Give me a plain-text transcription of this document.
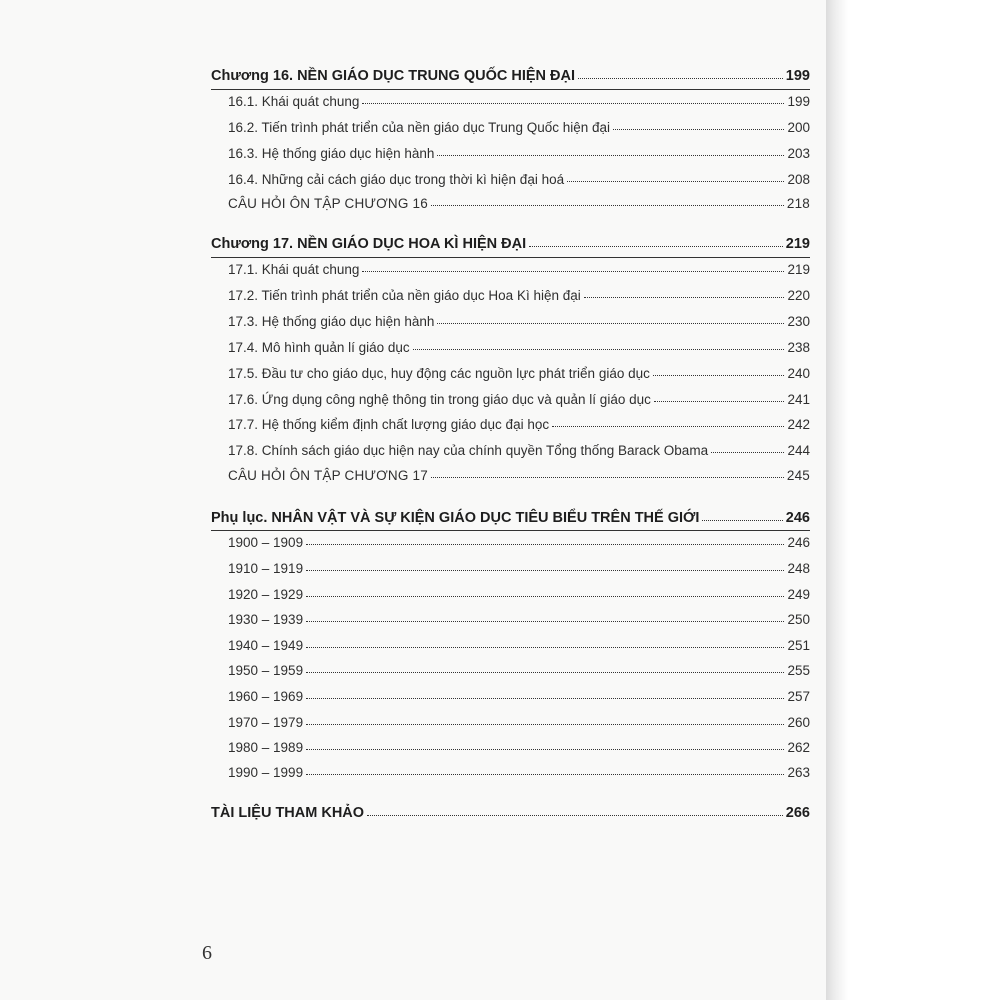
Chương 16. NỀN GIÁO DỤC TRUNG QUỐC HIỆN ĐẠI	199
16.1. Khái quát chung	199
16.2. Tiến trình phát triển của nền giáo dục Trung Quốc hiện đại	200
16.3. Hệ thống giáo dục hiện hành	203
16.4. Những cải cách giáo dục trong thời kì hiện đại hoá	208
CÂU HỎI ÔN TẬP CHƯƠNG 16	218
Chương 17. NỀN GIÁO DỤC HOA KÌ HIỆN ĐẠI	219
17.1. Khái quát chung	219
17.2. Tiến trình phát triển của nền giáo dục Hoa Kì hiện đại	220
17.3. Hệ thống giáo dục hiện hành	230
17.4. Mô hình quản lí giáo dục	238
17.5. Đầu tư cho giáo dục, huy động các nguồn lực phát triển giáo dục	240
17.6. Ứng dụng công nghệ thông tin trong giáo dục và quản lí giáo dục	241
17.7. Hệ thống kiểm định chất lượng giáo dục đại học	242
17.8. Chính sách giáo dục hiện nay của chính quyền Tổng thống Barack Obama	244
CÂU HỎI ÔN TẬP CHƯƠNG 17	245
Phụ lục. NHÂN VẬT VÀ SỰ KIỆN GIÁO DỤC TIÊU BIỂU TRÊN THẾ GIỚI	246
1900 – 1909	246
1910 – 1919	248
1920 – 1929	249
1930 – 1939	250
1940 – 1949	251
1950 – 1959	255
1960 – 1969	257
1970 – 1979	260
1980 – 1989	262
1990 – 1999	263
TÀI LIỆU THAM KHẢO	266
6
